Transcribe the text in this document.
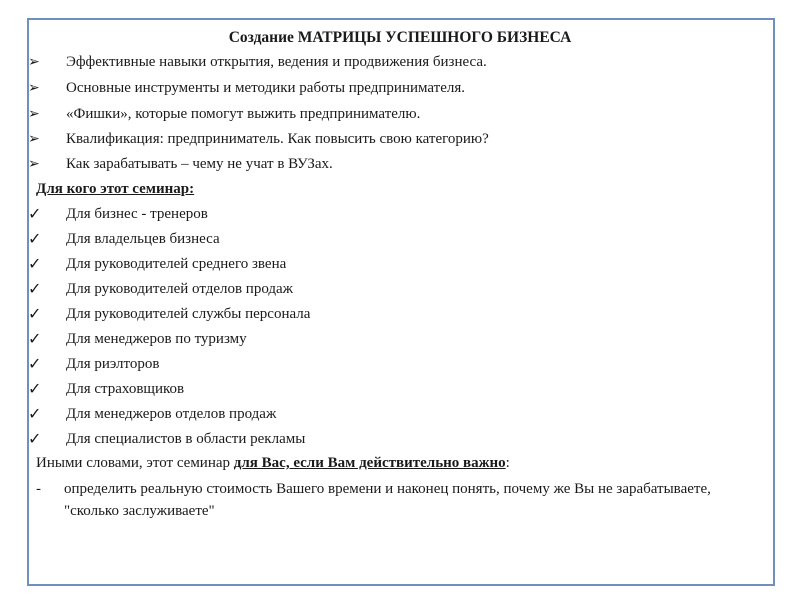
Создание МАТРИЦЫ УСПЕШНОГО БИЗНЕСА
➢	Эффективные навыки открытия, ведения и продвижения бизнеса.
➢	Основные инструменты и методики работы предпринимателя.
➢	«Фишки», которые помогут выжить предпринимателю.
➢	Квалификация: предприниматель. Как повысить свою категорию?
➢	Как зарабатывать – чему не учат в ВУЗах.
Для кого этот семинар:
✓	Для бизнес - тренеров
✓	Для владельцев бизнеса
✓	Для руководителей среднего звена
✓	Для руководителей отделов продаж
✓	Для руководителей службы персонала
✓	Для менеджеров по туризму
✓	Для риэлторов
✓	Для страховщиков
✓	Для менеджеров отделов продаж
✓	Для специалистов в области рекламы
Иными словами, этот семинар для Вас, если Вам действительно важно:
-	определить реальную стоимость Вашего времени и наконец понять, почему же Вы не зарабатываете, "сколько заслуживаете"
